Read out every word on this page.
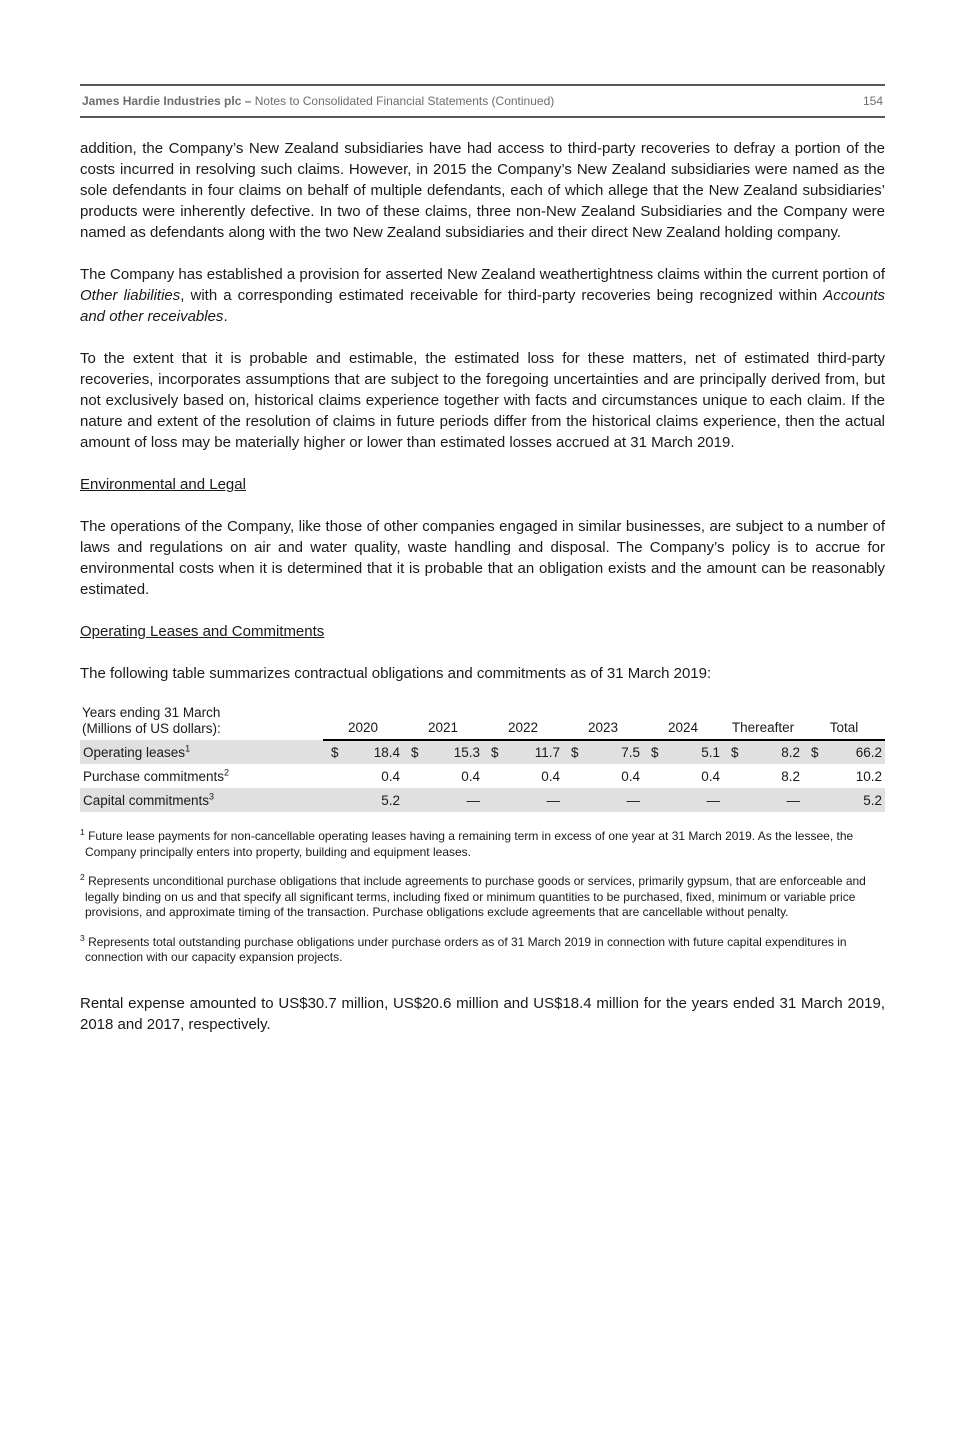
James Hardie Industries plc – Notes to Consolidated Financial Statements (Continued)	154

addition, the Company’s New Zealand subsidiaries have had access to third-party recoveries to defray a portion of the costs incurred in resolving such claims. However, in 2015 the Company’s New Zealand subsidiaries were named as the sole defendants in four claims on behalf of multiple defendants, each of which allege that the New Zealand subsidiaries’ products were inherently defective. In two of these claims, three non-New Zealand Subsidiaries and the Company were named as defendants along with the two New Zealand subsidiaries and their direct New Zealand holding company.

The Company has established a provision for asserted New Zealand weathertightness claims within the current portion of Other liabilities, with a corresponding estimated receivable for third-party recoveries being recognized within Accounts and other receivables.

To the extent that it is probable and estimable, the estimated loss for these matters, net of estimated third-party recoveries, incorporates assumptions that are subject to the foregoing uncertainties and are principally derived from, but not exclusively based on, historical claims experience together with facts and circumstances unique to each claim. If the nature and extent of the resolution of claims in future periods differ from the historical claims experience, then the actual amount of loss may be materially higher or lower than estimated losses accrued at 31 March 2019.

Environmental and Legal

The operations of the Company, like those of other companies engaged in similar businesses, are subject to a number of laws and regulations on air and water quality, waste handling and disposal. The Company’s policy is to accrue for environmental costs when it is determined that it is probable that an obligation exists and the amount can be reasonably estimated.

Operating Leases and Commitments

The following table summarizes contractual obligations and commitments as of 31 March 2019:

Years ending 31 March
(Millions of US dollars):	2020		2021		2022		2023		2024		Thereafter		Total	
Operating leases$^1$	$	18.4	$	15.3	$	11.7	$	7.5	$	5.1	$	8.2	$	66.2
Purchase commitments$^2$		0.4		0.4		0.4		0.4		0.4		8.2		10.2
Capital commitments$^3$		5.2		—		—		—		—		—		5.2

$^1$ Future lease payments for non-cancellable operating leases having a remaining term in excess of one year at 31 March 2019. As the lessee, the Company principally enters into property, building and equipment leases.

$^2$ Represents unconditional purchase obligations that include agreements to purchase goods or services, primarily gypsum, that are enforceable and legally binding on us and that specify all significant terms, including fixed or minimum quantities to be purchased, fixed, minimum or variable price provisions, and approximate timing of the transaction. Purchase obligations exclude agreements that are cancellable without penalty.

$^3$ Represents total outstanding purchase obligations under purchase orders as of 31 March 2019 in connection with future capital expenditures in connection with our capacity expansion projects.

Rental expense amounted to US$30.7 million, US$20.6 million and US$18.4 million for the years ended 31 March 2019, 2018 and 2017, respectively.
